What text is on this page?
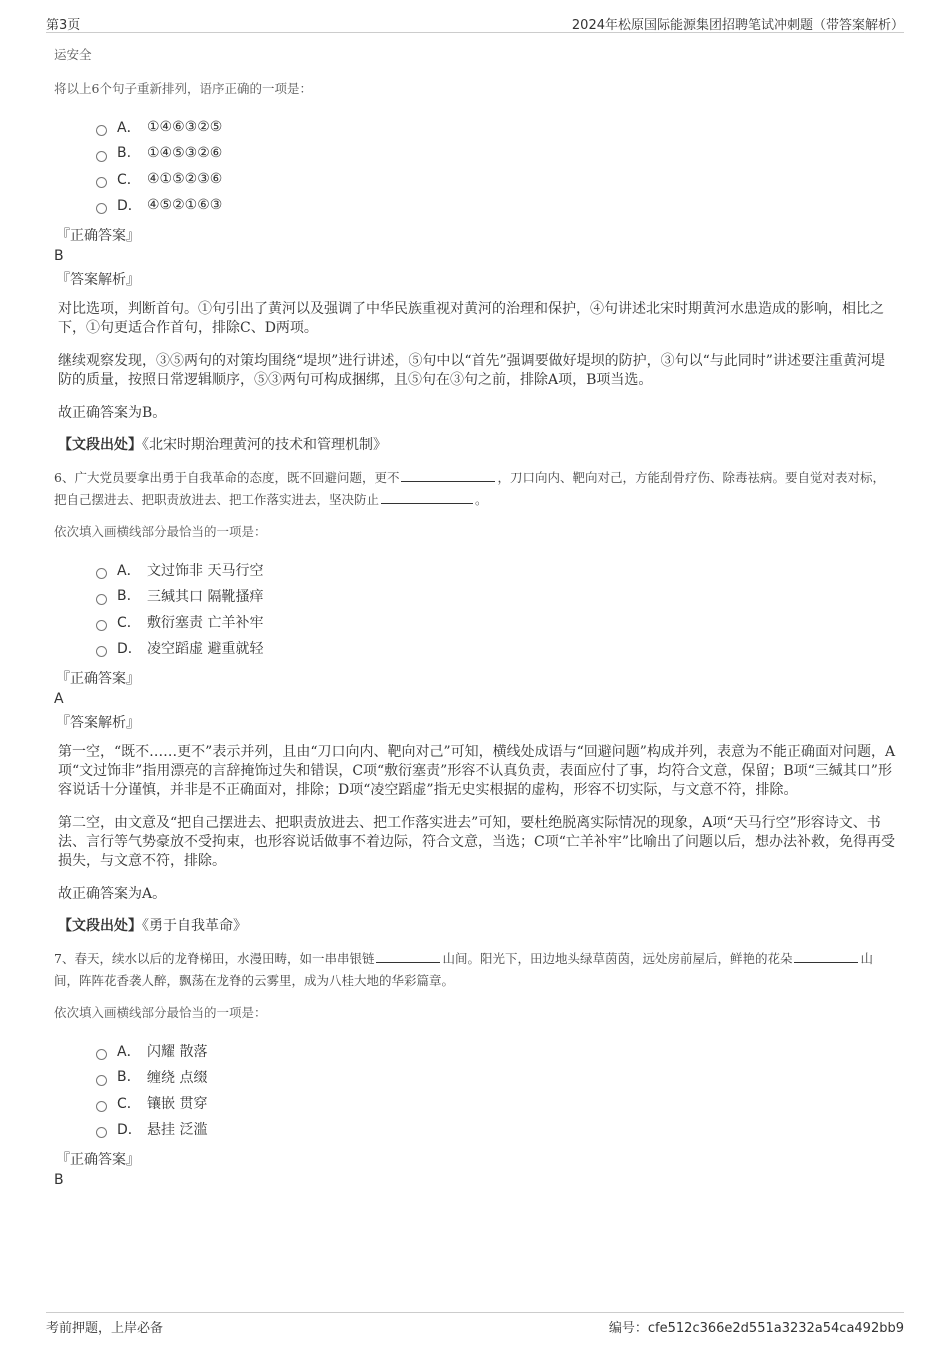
第3页	2024年松原国际能源集团招聘笔试冲刺题（带答案解析）
运安全
将以上6个句子重新排列，语序正确的一项是：
A． ①④⑥③②⑤
B.	①④⑤③②⑥
C． ④①⑤②③⑥
D． ④⑤②①⑥③
『正确答案』
B
『答案解析』

对比选项，判断首句。①句引出了黄河以及强调了中华民族重视对黄河的治理和保护，④句讲述北宋时期黄河水患造成的影响，相比之下，①句更适合作首句，排除C、D两项。

继续观察发现，③⑤两句的对策均围绕“堤坝”进行讲述，⑤句中以“首先”强调要做好堤坝的防护，③句以“与此同时”讲述要注重黄河堤防的质量，按照日常逻辑顺序，⑤③两句可构成捆绑，且⑤句在③句之前，排除A项，B项当选。

故正确答案为B。

【文段出处】《北宋时期治理黄河的技术和管理机制》
6、广大党员要拿出勇于自我革命的态度，既不回避问题，更不	，刀口向内、靶向对己，方能刮骨疗伤、除毒祛病。要自觉对表对标，把自己摆进去、把职责放进去、把工作落实进去，坚决防止	。
依次填入画横线部分最恰当的一项是：
A． 文过饰非 天马行空
B.	三缄其口 隔靴搔痒
C． 敷衍塞责 亡羊补牢
D． 凌空蹈虚 避重就轻
『正确答案』
A
『答案解析』

第一空，“既不……更不”表示并列，且由“刀口向内、靶向对己”可知，横线处成语与“回避问题”构成并列，表意为不能正确面对问题，A项“文过饰非”指用漂亮的言辞掩饰过失和错误，C项“敷衍塞责”形容不认真负责，表面应付了事，均符合文意，保留；B项“三缄其口”形容说话十分谨慎，并非是不正确面对，排除；D项“凌空蹈虚”指无史实根据的虚构，形容不切实际，与文意不符，排除。

第二空，由文意及“把自己摆进去、把职责放进去、把工作落实进去”可知，要杜绝脱离实际情况的现象，A项“天马行空”形容诗文、书法、言行等气势豪放不受拘束，也形容说话做事不着边际，符合文意，当选；C项“亡羊补牢”比喻出了问题以后，想办法补救，免得再受损失，与文意不符，排除。

故正确答案为A。

【文段出处】《勇于自我革命》
7、春天，续水以后的龙脊梯田，水漫田畴，如一串串银链	山间。阳光下，田边地头绿草茵茵，远处房前屋后，鲜艳的花朵	山间，阵阵花香袭人醉，飘荡在龙脊的云雾里，成为八桂大地的华彩篇章。
依次填入画横线部分最恰当的一项是：
A． 闪耀 散落
B.	缠绕 点缀
C． 镶嵌 贯穿
D． 悬挂 泛滥
『正确答案』
B
考前押题，上岸必备	编号：cfe512c366e2d551a3232a54ca492bb9
